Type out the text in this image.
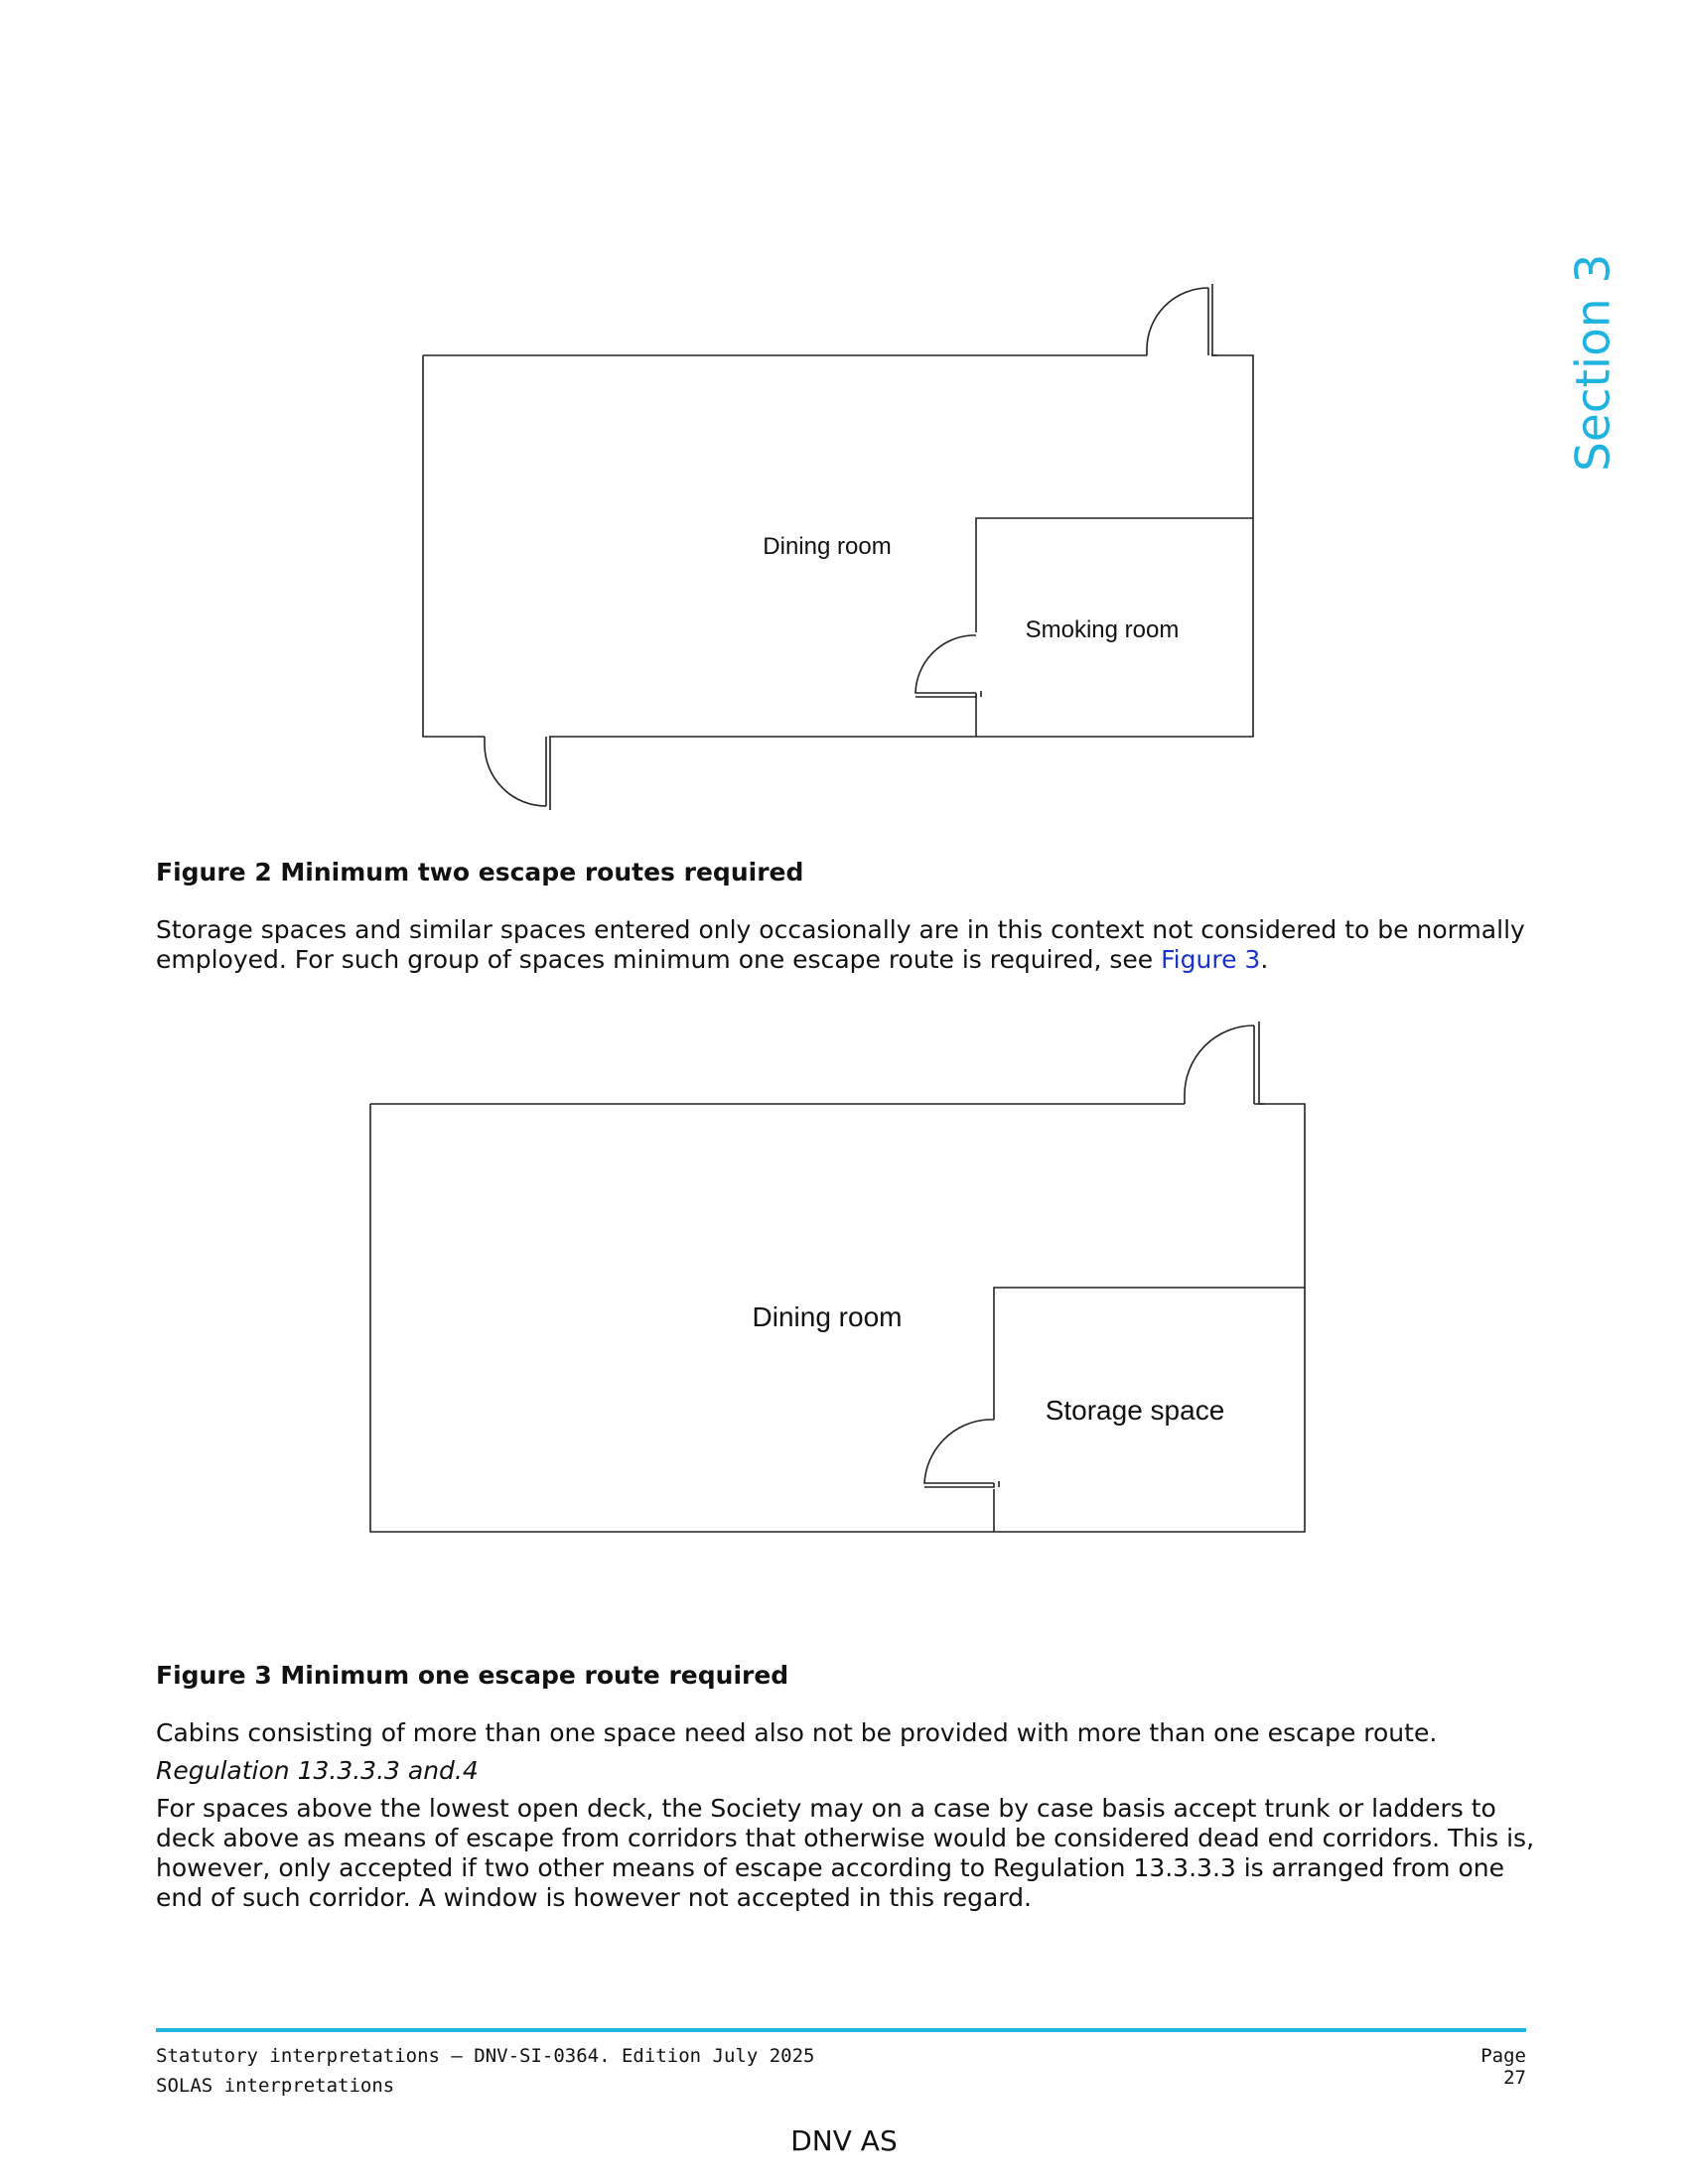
Section 3
Dining room
Smoking room

Figure 2 Minimum two escape routes required

Storage spaces and similar spaces entered only occasionally are in this context not considered to be normally employed. For such group of spaces minimum one escape route is required, see Figure 3.

Dining room
Storage space

Figure 3 Minimum one escape route required

Cabins consisting of more than one space need also not be provided with more than one escape route.

Regulation 13.3.3.3 and.4

For spaces above the lowest open deck, the Society may on a case by case basis accept trunk or ladders to deck above as means of escape from corridors that otherwise would be considered dead end corridors. This is, however, only accepted if two other means of escape according to Regulation 13.3.3.3 is arranged from one end of such corridor. A window is however not accepted in this regard.

Statutory interpretations — DNV-SI-0364. Edition July 2025
SOLAS interpretations
Page 27
DNV AS
